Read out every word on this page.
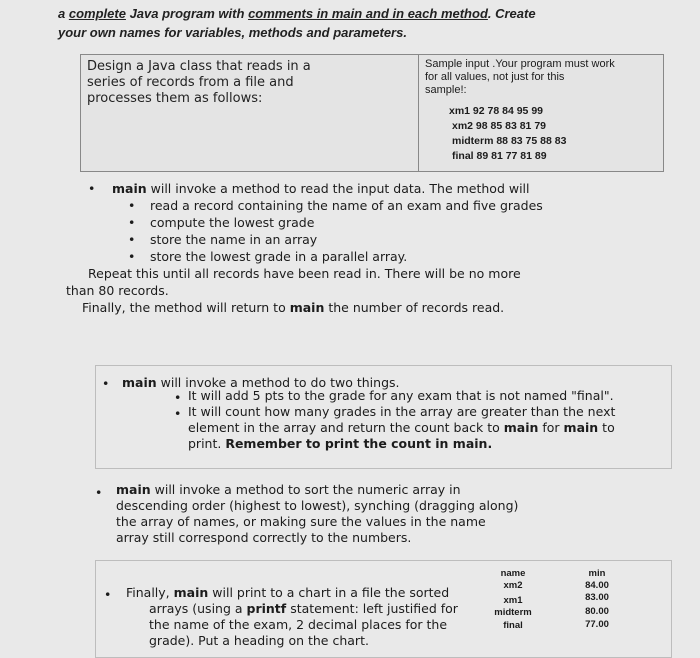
a complete Java program with comments in main and in each method. Create
your own names for variables, methods and parameters.
Design a Java class that reads in a
series of records from a file and
processes them as follows:
Sample input .Your program must work
for all values, not just for this
sample!:
xm1 92 78 84 95 99
xm2 98 85 83 81 79
midterm 88 83 75 88 83
final 89 81 77 81 89
• main will invoke a method to read the input data. The method will
• read a record containing the name of an exam and five grades
• compute the lowest grade
• store the name in an array
• store the lowest grade in a parallel array.
Repeat this until all records have been read in. There will be no more
than 80 records.
Finally, the method will return to main the number of records read.
• main will invoke a method to do two things.
• It will add 5 pts to the grade for any exam that is not named "final".
• It will count how many grades in the array are greater than the next
element in the array and return the count back to main for main to
print. Remember to print the count in main.
• main will invoke a method to sort the numeric array in
descending order (highest to lowest), synching (dragging along)
the array of names, or making sure the values in the name
array still correspond correctly to the numbers.
• Finally, main will print to a chart in a file the sorted
arrays (using a printf statement: left justified for
the name of the exam, 2 decimal places for the
grade). Put a heading on the chart.
name	min
xm2	84.00
xm1	83.00
midterm	80.00
final	77.00
